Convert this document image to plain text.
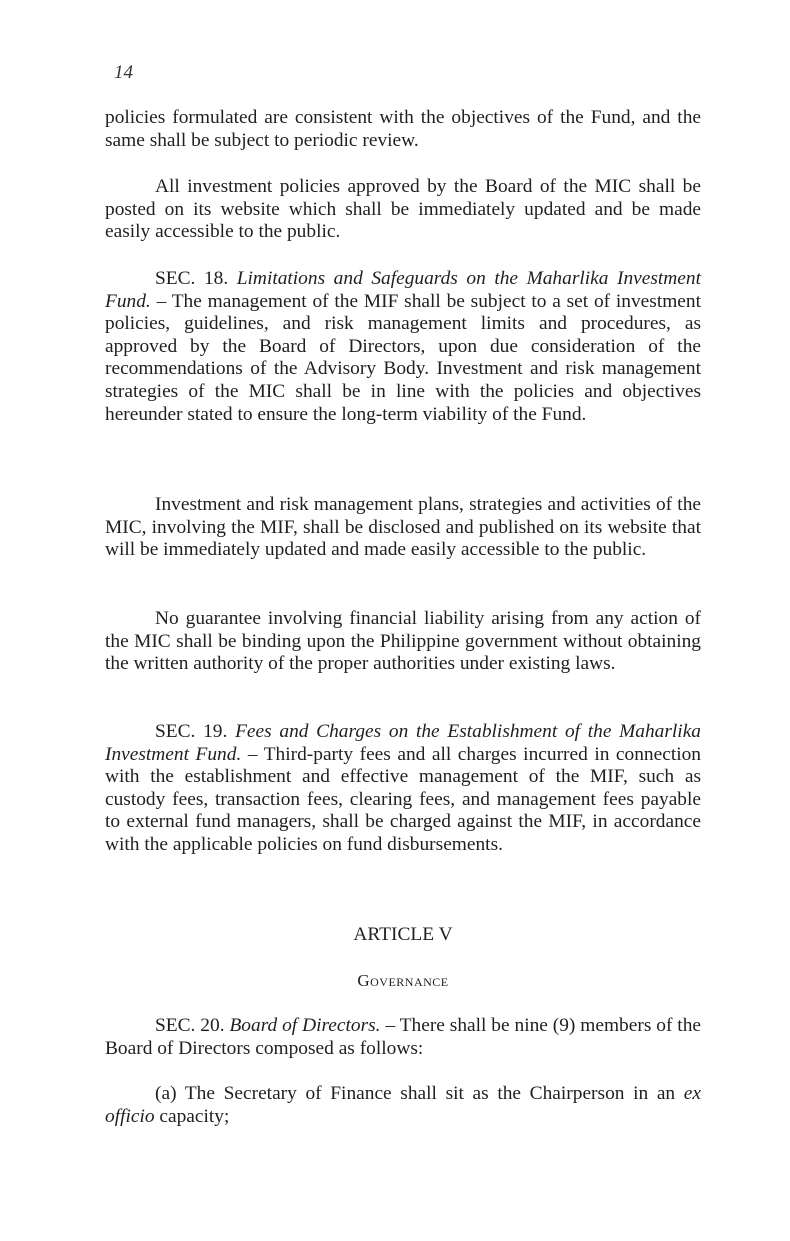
14

policies formulated are consistent with the objectives of the Fund, and the same shall be subject to periodic review.

All investment policies approved by the Board of the MIC shall be posted on its website which shall be immediately updated and be made easily accessible to the public.

SEC. 18. Limitations and Safeguards on the Maharlika Investment Fund. – The management of the MIF shall be subject to a set of investment policies, guidelines, and risk management limits and procedures, as approved by the Board of Directors, upon due consideration of the recommendations of the Advisory Body. Investment and risk management strategies of the MIC shall be in line with the policies and objectives hereunder stated to ensure the long-term viability of the Fund.

Investment and risk management plans, strategies and activities of the MIC, involving the MIF, shall be disclosed and published on its website that will be immediately updated and made easily accessible to the public.

No guarantee involving financial liability arising from any action of the MIC shall be binding upon the Philippine government without obtaining the written authority of the proper authorities under existing laws.

SEC. 19. Fees and Charges on the Establishment of the Maharlika Investment Fund. – Third-party fees and all charges incurred in connection with the establishment and effective management of the MIF, such as custody fees, transaction fees, clearing fees, and management fees payable to external fund managers, shall be charged against the MIF, in accordance with the applicable policies on fund disbursements.

ARTICLE V

Governance

SEC. 20. Board of Directors. – There shall be nine (9) members of the Board of Directors composed as follows:

(a) The Secretary of Finance shall sit as the Chairperson in an ex officio capacity;
